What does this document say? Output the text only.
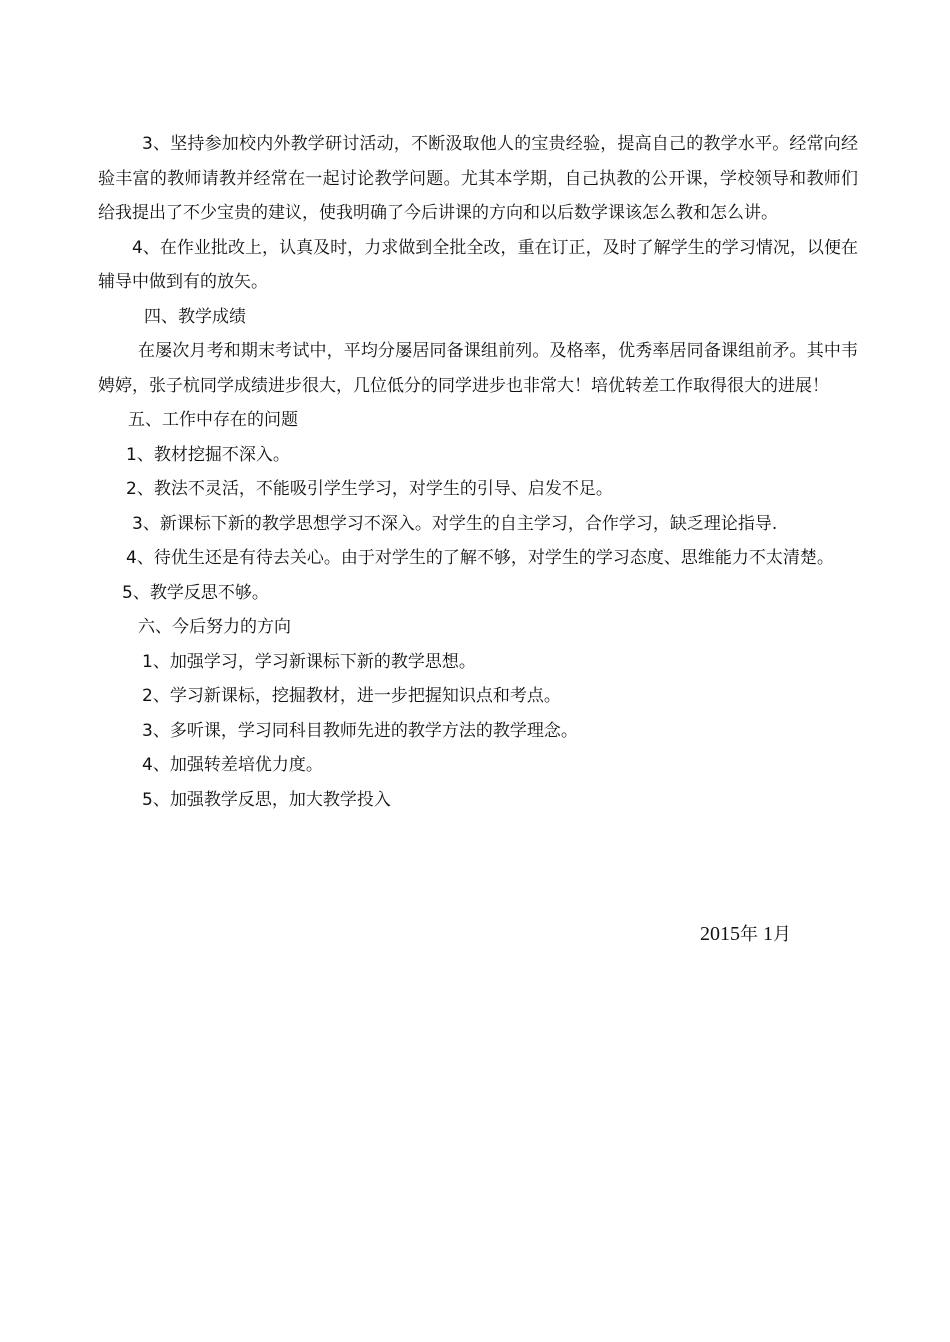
3、坚持参加校内外教学研讨活动，不断汲取他人的宝贵经验，提高自己的教学水平。经常向经验丰富的教师请教并经常在一起讨论教学问题。尤其本学期，自己执教的公开课，学校领导和教师们给我提出了不少宝贵的建议，使我明确了今后讲课的方向和以后数学课该怎么教和怎么讲。

4、在作业批改上，认真及时，力求做到全批全改，重在订正，及时了解学生的学习情况，以便在辅导中做到有的放矢。

四、教学成绩

在屡次月考和期末考试中，平均分屡居同备课组前列。及格率，优秀率居同备课组前矛。其中韦娉婷，张子杭同学成绩进步很大，几位低分的同学进步也非常大！培优转差工作取得很大的进展！

五、工作中存在的问题

1、教材挖掘不深入。

2、教法不灵活，不能吸引学生学习，对学生的引导、启发不足。

3、新课标下新的教学思想学习不深入。对学生的自主学习，合作学习，缺乏理论指导.

4、待优生还是有待去关心。由于对学生的了解不够，对学生的学习态度、思维能力不太清楚。

5、教学反思不够。

六、今后努力的方向

1、加强学习，学习新课标下新的教学思想。

2、学习新课标，挖掘教材，进一步把握知识点和考点。

3、多听课，学习同科目教师先进的教学方法的教学理念。

4、加强转差培优力度。

5、加强教学反思，加大教学投入

2015年 1月
